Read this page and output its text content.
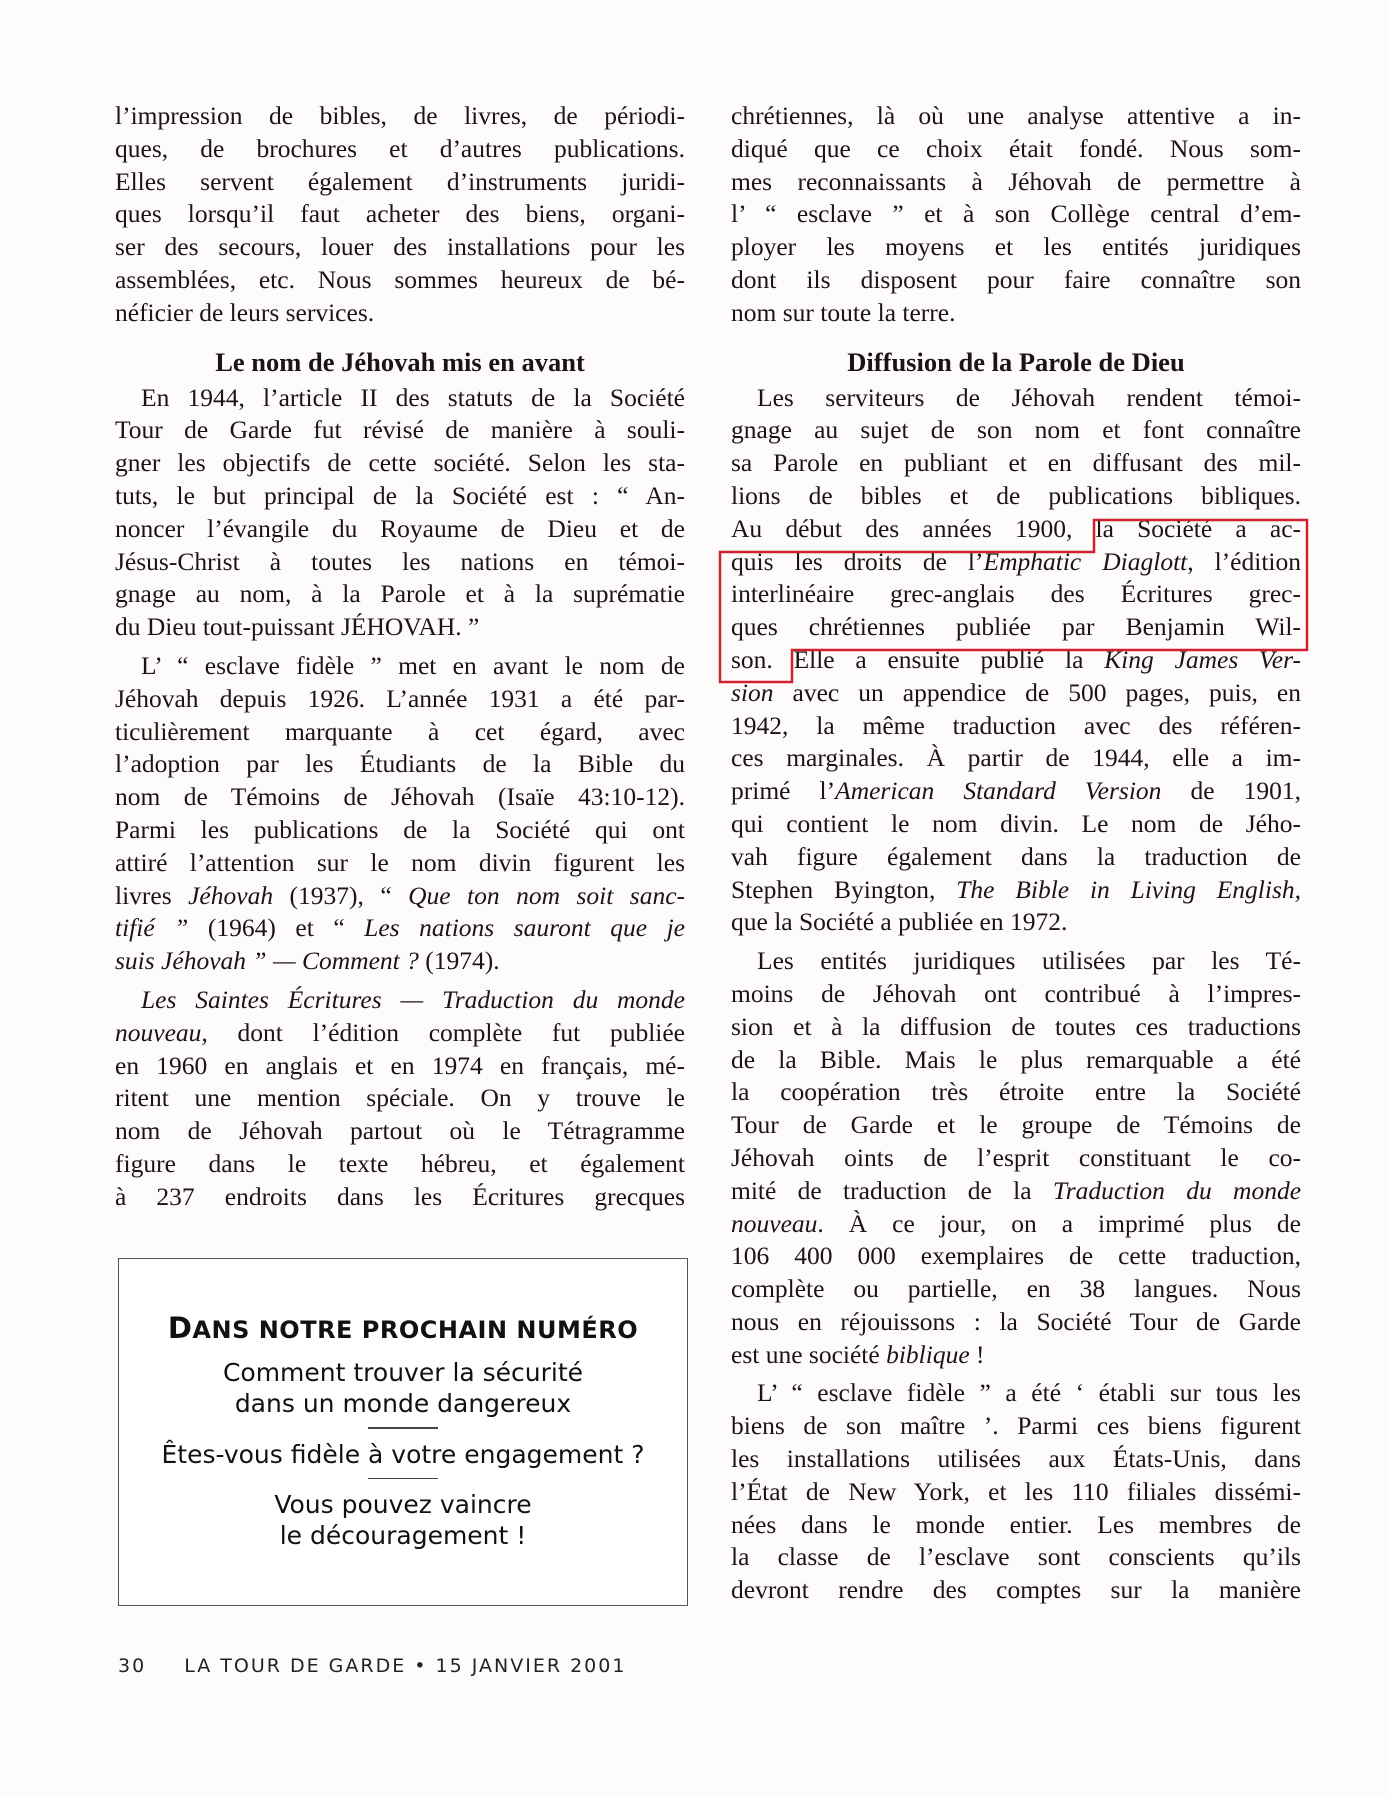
l’impression de bibles, de livres, de périodi-
ques, de brochures et d’autres publications.
Elles servent également d’instruments juridi-
ques lorsqu’il faut acheter des biens, organi-
ser des secours, louer des installations pour les
assemblées, etc. Nous sommes heureux de bé-
néficier de leurs services.
Le nom de Jéhovah mis en avant
En 1944, l’article II des statuts de la Société
Tour de Garde fut révisé de manière à souli-
gner les objectifs de cette société. Selon les sta-
tuts, le but principal de la Société est : “ An-
noncer l’évangile du Royaume de Dieu et de
Jésus-Christ à toutes les nations en témoi-
gnage au nom, à la Parole et à la suprématie
du Dieu tout-puissant JÉHOVAH. ”
L’ “ esclave fidèle ” met en avant le nom de
Jéhovah depuis 1926. L’année 1931 a été par-
ticulièrement marquante à cet égard, avec
l’adoption par les Étudiants de la Bible du
nom de Témoins de Jéhovah (Isaïe 43:10-12).
Parmi les publications de la Société qui ont
attiré l’attention sur le nom divin figurent les
livres Jéhovah (1937), “ Que ton nom soit sanc-
tifié ” (1964) et “ Les nations sauront que je
suis Jéhovah ” — Comment ? (1974).
Les Saintes Écritures — Traduction du monde
nouveau, dont l’édition complète fut publiée
en 1960 en anglais et en 1974 en français, mé-
ritent une mention spéciale. On y trouve le
nom de Jéhovah partout où le Tétragramme
figure dans le texte hébreu, et également
à 237 endroits dans les Écritures grecques
DANS NOTRE PROCHAIN NUMÉRO
Comment trouver la sécurité
dans un monde dangereux
Êtes-vous fidèle à votre engagement ?
Vous pouvez vaincre
le découragement !
chrétiennes, là où une analyse attentive a in-
diqué que ce choix était fondé. Nous som-
mes reconnaissants à Jéhovah de permettre à
l’ “ esclave ” et à son Collège central d’em-
ployer les moyens et les entités juridiques
dont ils disposent pour faire connaître son
nom sur toute la terre.
Diffusion de la Parole de Dieu
Les serviteurs de Jéhovah rendent témoi-
gnage au sujet de son nom et font connaître
sa Parole en publiant et en diffusant des mil-
lions de bibles et de publications bibliques.
Au début des années 1900, la Société a ac-
quis les droits de l’Emphatic Diaglott, l’édition
interlinéaire grec-anglais des Écritures grec-
ques chrétiennes publiée par Benjamin Wil-
son. Elle a ensuite publié la King James Ver-
sion avec un appendice de 500 pages, puis, en
1942, la même traduction avec des référen-
ces marginales. À partir de 1944, elle a im-
primé l’American Standard Version de 1901,
qui contient le nom divin. Le nom de Jého-
vah figure également dans la traduction de
Stephen Byington, The Bible in Living English,
que la Société a publiée en 1972.
Les entités juridiques utilisées par les Té-
moins de Jéhovah ont contribué à l’impres-
sion et à la diffusion de toutes ces traductions
de la Bible. Mais le plus remarquable a été
la coopération très étroite entre la Société
Tour de Garde et le groupe de Témoins de
Jéhovah oints de l’esprit constituant le co-
mité de traduction de la Traduction du monde
nouveau. À ce jour, on a imprimé plus de
106 400 000 exemplaires de cette traduction,
complète ou partielle, en 38 langues. Nous
nous en réjouissons : la Société Tour de Garde
est une société biblique !
L’ “ esclave fidèle ” a été ‘ établi sur tous les
biens de son maître ’. Parmi ces biens figurent
les installations utilisées aux États-Unis, dans
l’État de New York, et les 110 filiales dissémi-
nées dans le monde entier. Les membres de
la classe de l’esclave sont conscients qu’ils
devront rendre des comptes sur la manière
30 LA TOUR DE GARDE • 15 JANVIER 2001
